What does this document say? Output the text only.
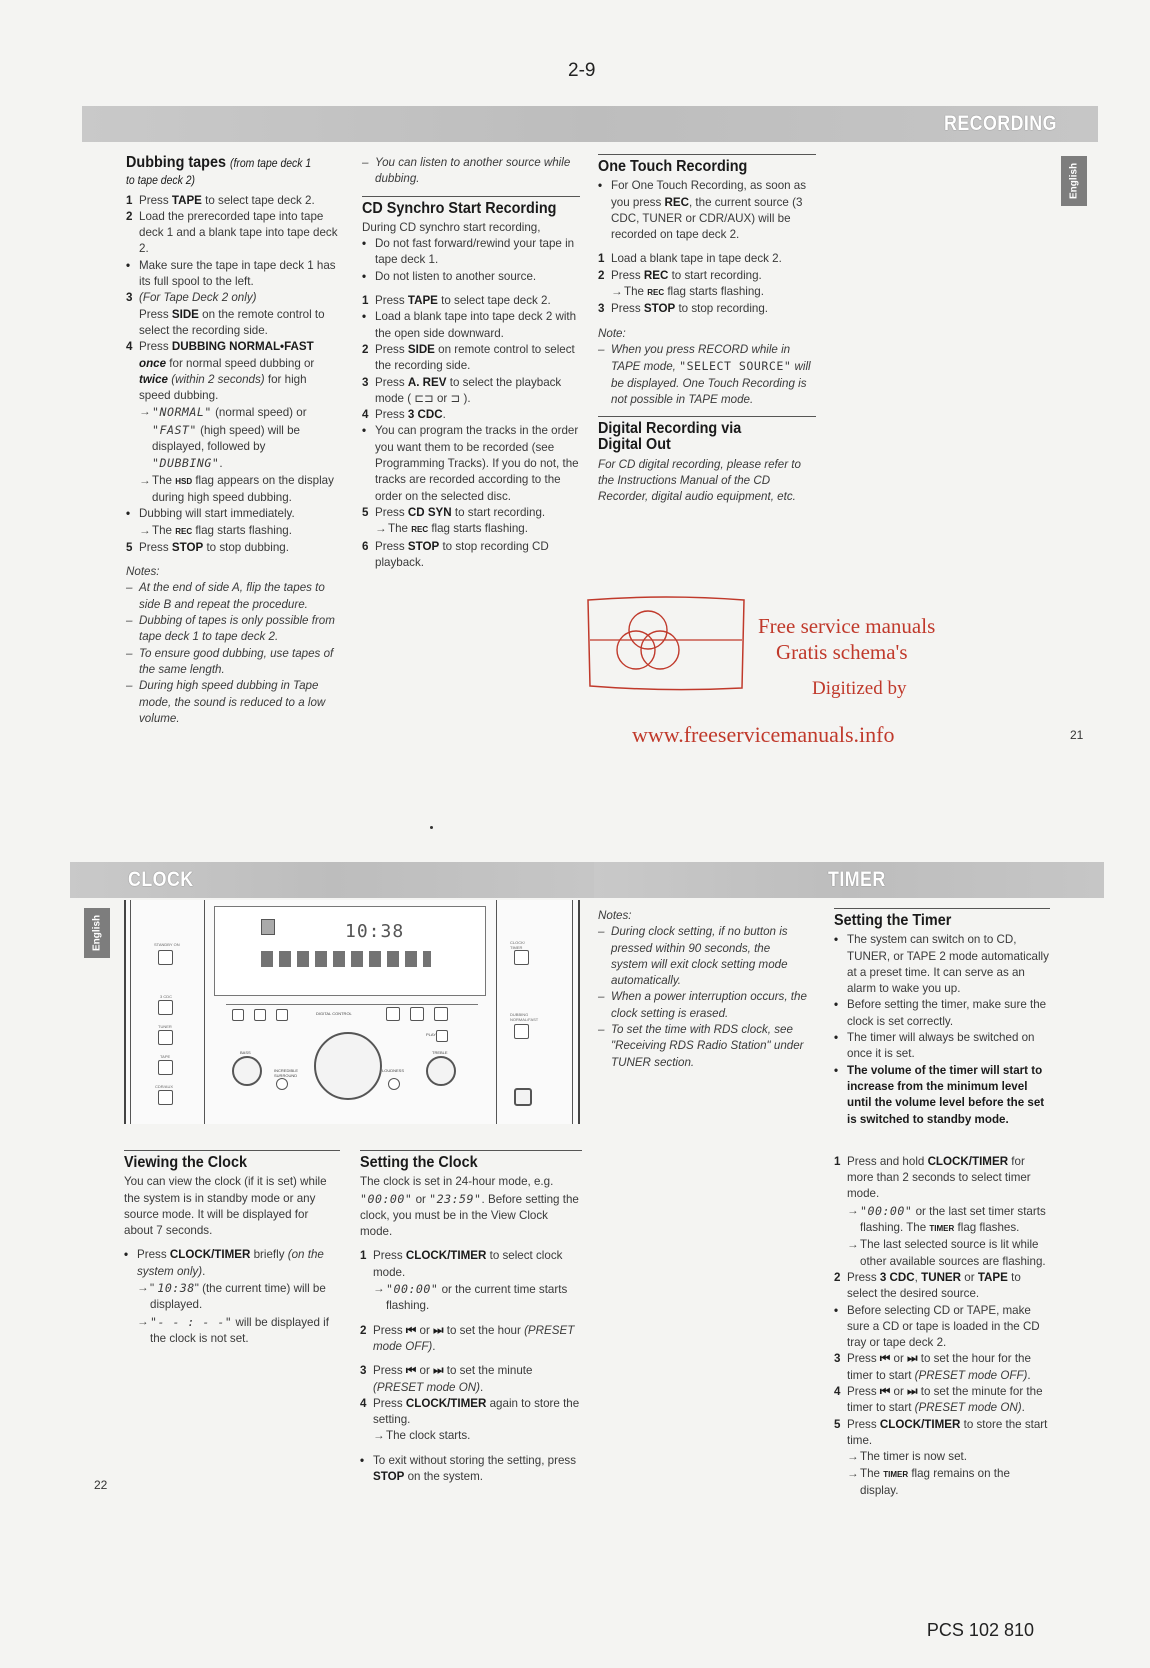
2-9
RECORDING
English
Dubbing tapes (from tape deck 1 to tape deck 2)
1 Press TAPE to select tape deck 2.
2 Load the prerecorded tape into tape deck 1 and a blank tape into tape deck 2.
• Make sure the tape in tape deck 1 has its full spool to the left.
3 (For Tape Deck 2 only)
Press SIDE on the remote control to select the recording side.
4 Press DUBBING NORMAL•FAST
once for normal speed dubbing or twice (within 2 seconds) for high speed dubbing.
→ "NORMAL" (normal speed) or "FAST" (high speed) will be displayed, followed by "DUBBING".
→ The HSD flag appears on the display during high speed dubbing.
• Dubbing will start immediately.
→ The REC flag starts flashing.
5 Press STOP to stop dubbing.
Notes:
– At the end of side A, flip the tapes to side B and repeat the procedure.
– Dubbing of tapes is only possible from tape deck 1 to tape deck 2.
– To ensure good dubbing, use tapes of the same length.
– During high speed dubbing in Tape mode, the sound is reduced to a low volume.
– You can listen to another source while dubbing.
CD Synchro Start Recording
During CD synchro start recording,
• Do not fast forward/rewind your tape in tape deck 1.
• Do not listen to another source.
1 Press TAPE to select tape deck 2.
• Load a blank tape into tape deck 2 with the open side downward.
2 Press SIDE on remote control to select the recording side.
3 Press A. REV to select the playback mode ( ⊏⊐ or ⊐ ).
4 Press 3 CDC.
• You can program the tracks in the order you want them to be recorded (see Programming Tracks). If you do not, the tracks are recorded according to the order on the selected disc.
5 Press CD SYN to start recording.
→ The REC flag starts flashing.
6 Press STOP to stop recording CD playback.
One Touch Recording
• For One Touch Recording, as soon as you press REC, the current source (3 CDC, TUNER or CDR/AUX) will be recorded on tape deck 2.
1 Load a blank tape in tape deck 2.
2 Press REC to start recording.
→ The REC flag starts flashing.
3 Press STOP to stop recording.
Note:
– When you press RECORD while in TAPE mode, "SELECT SOURCE" will be displayed. One Touch Recording is not possible in TAPE mode.
Digital Recording via Digital Out
For CD digital recording, please refer to the Instructions Manual of the CD Recorder, digital audio equipment, etc.
Free service manuals
Gratis schema's
Digitized by
www.freeservicemanuals.info	21
CLOCK	TIMER
English	STANDBY ON
3 CDC
TUNER
TAPE
CDR/AUX
10:38
DIGITAL CONTROL
BASS
INCREDIBLE SURROUND
LOUDNESS
TREBLE
PLAY
CLOCK/ TIMER
DUBBING NORMAL/FAST
Notes:
– During clock setting, if no button is pressed within 90 seconds, the system will exit clock setting mode automatically.
– When a power interruption occurs, the clock setting is erased.
– To set the time with RDS clock, see "Receiving RDS Radio Station" under TUNER section.
Viewing the Clock
You can view the clock (if it is set) while the system is in standby mode or any source mode. It will be displayed for about 7 seconds.
• Press CLOCK/TIMER briefly (on the system only).
→ " 10:38" (the current time) will be displayed.
→ "- - : - -" will be displayed if the clock is not set.
Setting the Clock
The clock is set in 24-hour mode, e.g. "00:00" or "23:59". Before setting the clock, you must be in the View Clock mode.
1 Press CLOCK/TIMER to select clock mode.
→ "00:00" or the current time starts flashing.
2 Press ⏮ or ⏭ to set the hour (PRESET mode OFF).
3 Press ⏮ or ⏭ to set the minute (PRESET mode ON).
4 Press CLOCK/TIMER again to store the setting.
→ The clock starts.
• To exit without storing the setting, press STOP on the system.
Setting the Timer
• The system can switch on to CD, TUNER, or TAPE 2 mode automatically at a preset time. It can serve as an alarm to wake you up.
• Before setting the timer, make sure the clock is set correctly.
• The timer will always be switched on once it is set.
• The volume of the timer will start to increase from the minimum level until the volume level before the set is switched to standby mode.
1 Press and hold CLOCK/TIMER for more than 2 seconds to select timer mode.
→ "00:00" or the last set timer starts flashing. The TIMER flag flashes.
→ The last selected source is lit while other available sources are flashing.
2 Press 3 CDC, TUNER or TAPE to select the desired source.
• Before selecting CD or TAPE, make sure a CD or tape is loaded in the CD tray or tape deck 2.
3 Press ⏮ or ⏭ to set the hour for the timer to start (PRESET mode OFF).
4 Press ⏮ or ⏭ to set the minute for the timer to start (PRESET mode ON).
5 Press CLOCK/TIMER to store the start time.
→ The timer is now set.
→ The TIMER flag remains on the display.
22
PCS 102 810
